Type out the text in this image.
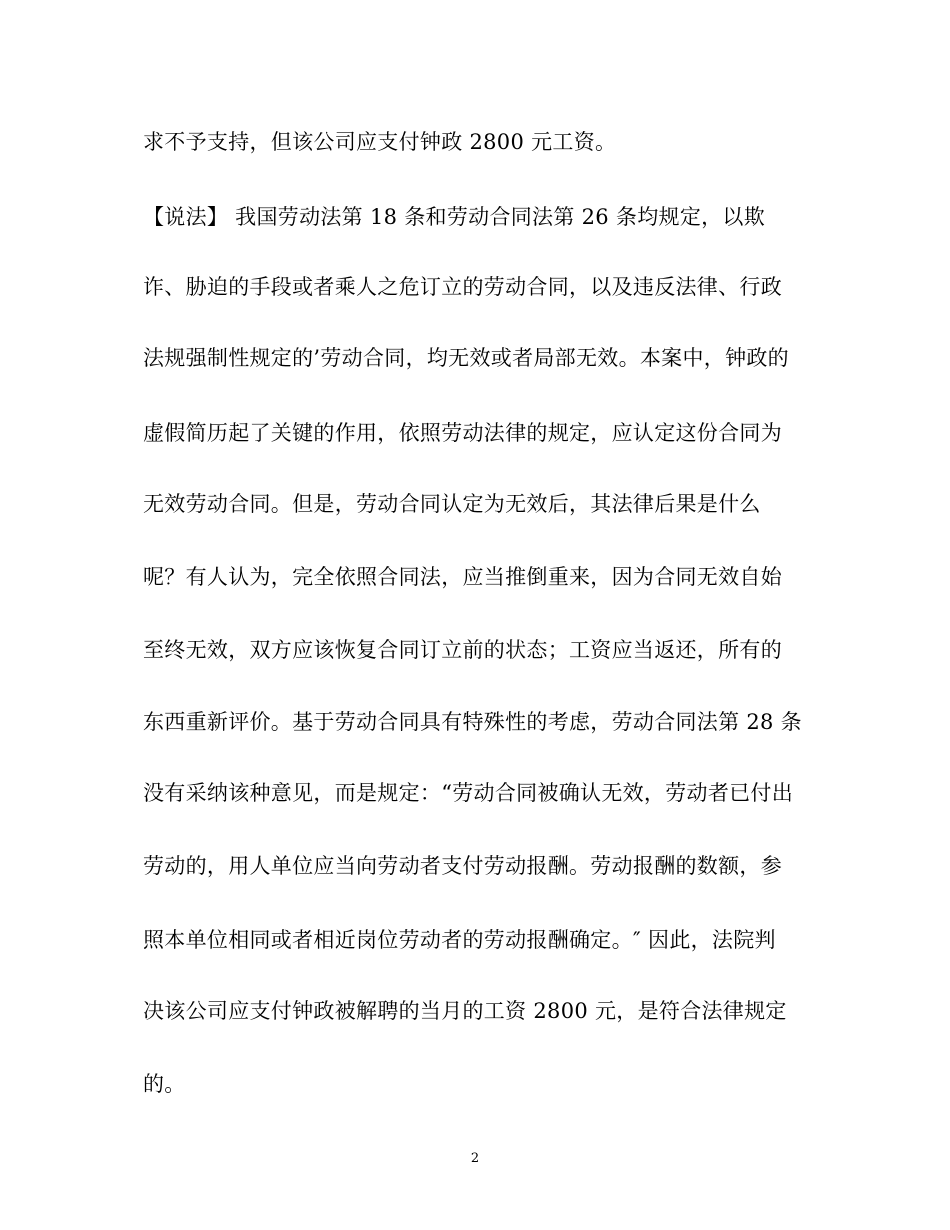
求不予支持，但该公司应支付钟政 2800 元工资。
【说法】 我国劳动法第 18 条和劳动合同法第 26 条均规定，以欺
诈、胁迫的手段或者乘人之危订立的劳动合同，以及违反法律、行政
法规强制性规定的’劳动合同，均无效或者局部无效。本案中，钟政的
虚假简历起了关键的作用，依照劳动法律的规定，应认定这份合同为
无效劳动合同。但是，劳动合同认定为无效后，其法律后果是什么
呢？有人认为，完全依照合同法，应当推倒重来，因为合同无效自始
至终无效，双方应该恢复合同订立前的状态；工资应当返还，所有的
东西重新评价。基于劳动合同具有特殊性的考虑，劳动合同法第 28 条
没有采纳该种意见，而是规定：“劳动合同被确认无效，劳动者已付出
劳动的，用人单位应当向劳动者支付劳动报酬。劳动报酬的数额，参
照本单位相同或者相近岗位劳动者的劳动报酬确定。″ 因此，法院判
决该公司应支付钟政被解聘的当月的工资 2800 元，是符合法律规定
的。
2
